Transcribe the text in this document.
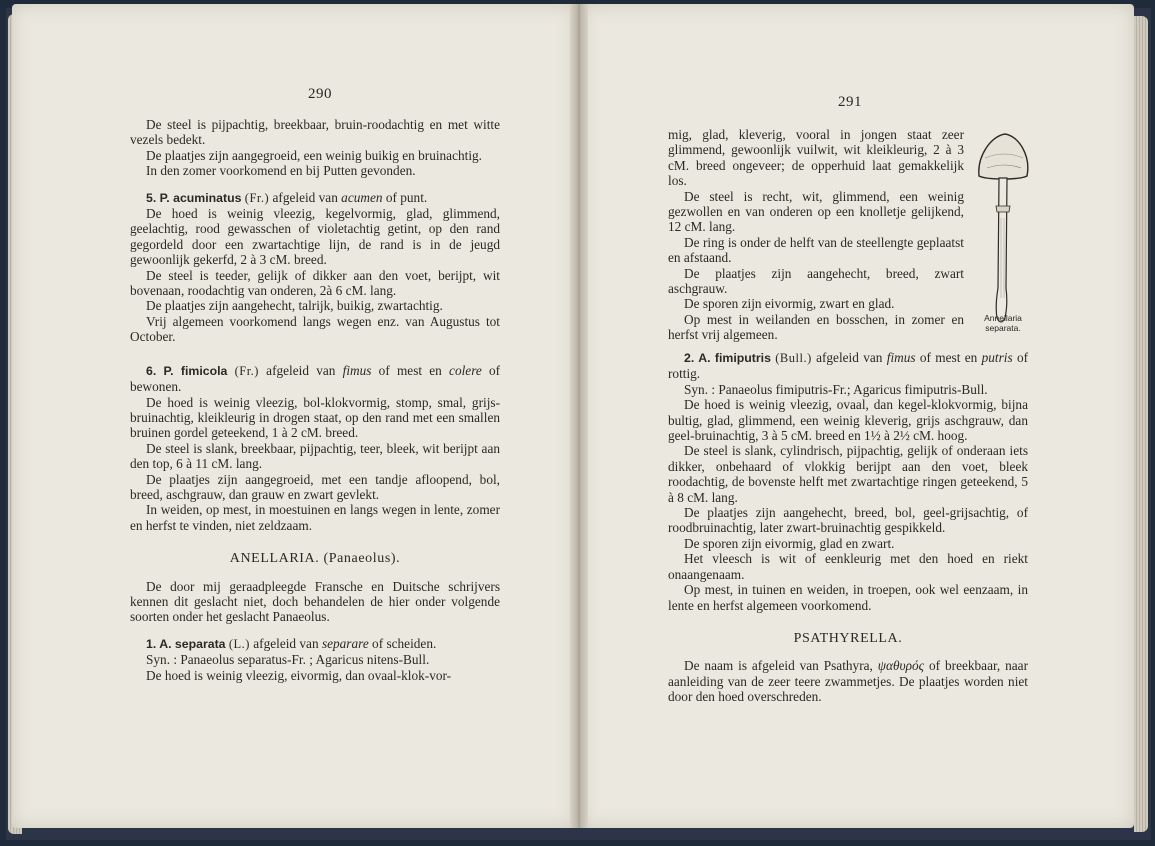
290

De steel is pijpachtig, breekbaar, bruin-roodachtig en met witte vezels bedekt.

De plaatjes zijn aangegroeid, een weinig buikig en bruinachtig.

In den zomer voorkomend en bij Putten gevonden.

5. P. acuminatus (Fr.) afgeleid van acumen of punt.

De hoed is weinig vleezig, kegelvormig, glad, glimmend, geelachtig, rood gewasschen of violetachtig getint, op den rand gegordeld door een zwartachtige lijn, de rand is in de jeugd gewoonlijk gekerfd, 2 à 3 cM. breed.

De steel is teeder, gelijk of dikker aan den voet, berijpt, wit bovenaan, roodachtig van onderen, 2à 6 cM. lang.

De plaatjes zijn aangehecht, talrijk, buikig, zwartachtig.

Vrij algemeen voorkomend langs wegen enz. van Augustus tot October.

6. P. fimicola (Fr.) afgeleid van fimus of mest en colere of bewonen.

De hoed is weinig vleezig, bol-klokvormig, stomp, smal, grijs-bruinachtig, kleikleurig in drogen staat, op den rand met een smallen bruinen gordel geteekend, 1 à 2 cM. breed.

De steel is slank, breekbaar, pijpachtig, teer, bleek, wit berijpt aan den top, 6 à 11 cM. lang.

De plaatjes zijn aangegroeid, met een tandje afloopend, bol, breed, aschgrauw, dan grauw en zwart gevlekt.

In weiden, op mest, in moestuinen en langs wegen in lente, zomer en herfst te vinden, niet zeldzaam.

ANELLARIA. (Panaeolus).

De door mij geraadpleegde Fransche en Duitsche schrijvers kennen dit geslacht niet, doch behandelen de hier onder volgende soorten onder het geslacht Panaeolus.

1. A. separata (L.) afgeleid van separare of scheiden.

Syn. : Panaeolus separatus-Fr. ; Agaricus nitens-Bull.

De hoed is weinig vleezig, eivormig, dan ovaal-klok-vor-

291

mig, glad, kleverig, vooral in jongen staat zeer glimmend, gewoonlijk vuilwit, wit kleikleurig, 2 à 3 cM. breed ongeveer; de opperhuid laat gemakkelijk los.

De steel is recht, wit, glimmend, een weinig gezwollen en van onderen op een knolletje gelijkend, 12 cM. lang.

De ring is onder de helft van de steellengte geplaatst en afstaand.

De plaatjes zijn aangehecht, breed, zwart aschgrauw.

De sporen zijn eivormig, zwart en glad.

Op mest in weilanden en bosschen, in zomer en herfst vrij algemeen.

Annellaria
separata.

2. A. fimiputris (Bull.) afgeleid van fimus of mest en putris of rottig.

Syn. : Panaeolus fimiputris-Fr.; Agaricus fimiputris-Bull.

De hoed is weinig vleezig, ovaal, dan kegel-klokvormig, bijna bultig, glad, glimmend, een weinig kleverig, grijs aschgrauw, dan geel-bruinachtig, 3 à 5 cM. breed en 1½ à 2½ cM. hoog.

De steel is slank, cylindrisch, pijpachtig, gelijk of onderaan iets dikker, onbehaard of vlokkig berijpt aan den voet, bleek roodachtig, de bovenste helft met zwartachtige ringen geteekend, 5 à 8 cM. lang.

De plaatjes zijn aangehecht, breed, bol, geel-grijsachtig, of roodbruinachtig, later zwart-bruinachtig gespikkeld.

De sporen zijn eivormig, glad en zwart.

Het vleesch is wit of eenkleurig met den hoed en riekt onaangenaam.

Op mest, in tuinen en weiden, in troepen, ook wel eenzaam, in lente en herfst algemeen voorkomend.

PSATHYRELLA.

De naam is afgeleid van Psathyra, ψαθυρός of breekbaar, naar aanleiding van de zeer teere zwammetjes. De plaatjes worden niet door den hoed overschreden.
